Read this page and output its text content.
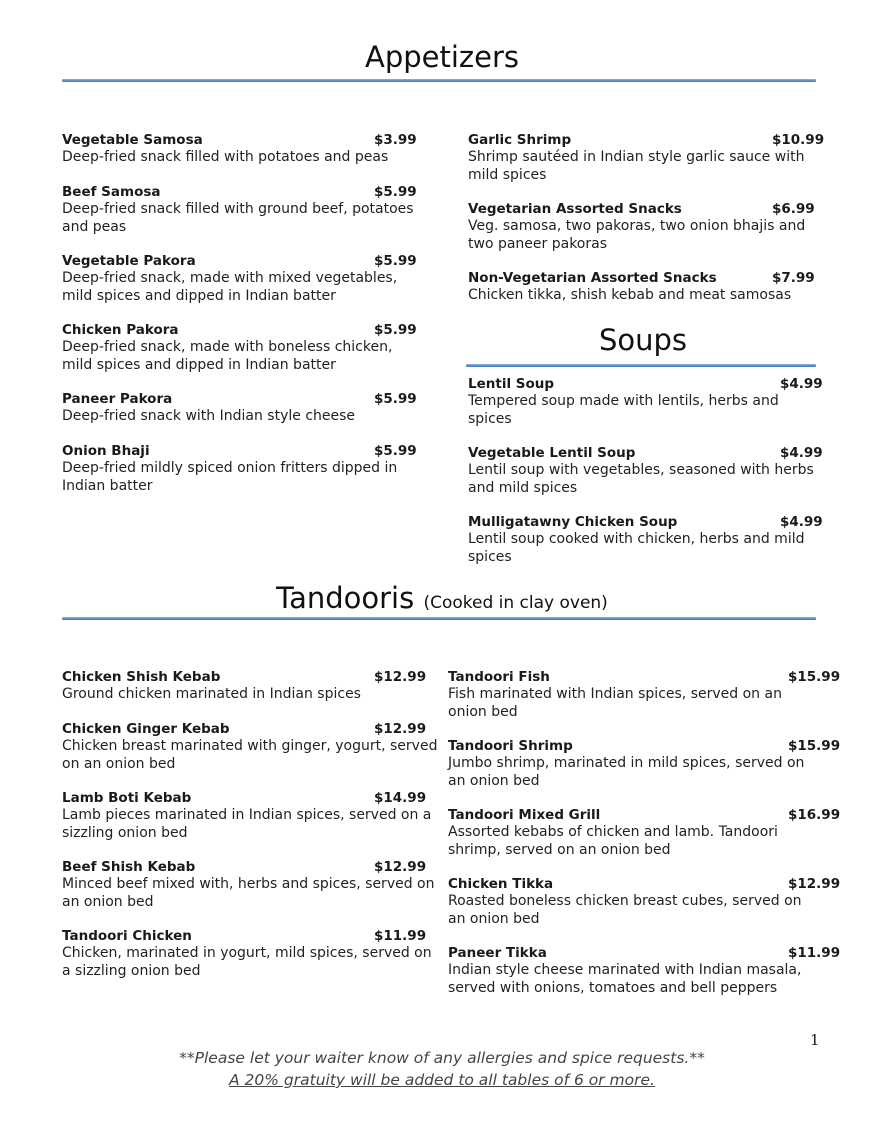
Appetizers
Vegetable Samosa	$3.99
Deep-fried snack filled with potatoes and peas
Beef Samosa	$5.99
Deep-fried snack filled with ground beef, potatoes and peas
Vegetable Pakora	$5.99
Deep-fried snack, made with mixed vegetables, mild spices and dipped in Indian batter
Chicken Pakora	$5.99
Deep-fried snack, made with boneless chicken, mild spices and dipped in Indian batter
Paneer Pakora	$5.99
Deep-fried snack with Indian style cheese
Onion Bhaji	$5.99
Deep-fried mildly spiced onion fritters dipped in Indian batter
Garlic Shrimp	$10.99
Shrimp sautéed in Indian style garlic sauce with mild spices
Vegetarian Assorted Snacks	$6.99
Veg. samosa, two pakoras, two onion bhajis and two paneer pakoras
Non-Vegetarian Assorted Snacks	$7.99
Chicken tikka, shish kebab and meat samosas
Soups
Lentil Soup	$4.99
Tempered soup made with lentils, herbs and spices
Vegetable Lentil Soup	$4.99
Lentil soup with vegetables, seasoned with herbs and mild spices
Mulligatawny Chicken Soup	$4.99
Lentil soup cooked with chicken, herbs and mild spices
Tandooris (Cooked in clay oven)
Chicken Shish Kebab	$12.99
Ground chicken marinated in Indian spices
Chicken Ginger Kebab	$12.99
Chicken breast marinated with ginger, yogurt, served on an onion bed
Lamb Boti Kebab	$14.99
Lamb pieces marinated in Indian spices, served on a sizzling onion bed
Beef Shish Kebab	$12.99
Minced beef mixed with, herbs and spices, served on an onion bed
Tandoori Chicken	$11.99
Chicken, marinated in yogurt, mild spices, served on a sizzling onion bed
Tandoori Fish	$15.99
Fish marinated with Indian spices, served on an onion bed
Tandoori Shrimp	$15.99
Jumbo shrimp, marinated in mild spices, served on an onion bed
Tandoori Mixed Grill	$16.99
Assorted kebabs of chicken and lamb. Tandoori shrimp, served on an onion bed
Chicken Tikka	$12.99
Roasted boneless chicken breast cubes, served on an onion bed
Paneer Tikka	$11.99
Indian style cheese marinated with Indian masala, served with onions, tomatoes and bell peppers
1
**Please let your waiter know of any allergies and spice requests.**
A 20% gratuity will be added to all tables of 6 or more.
